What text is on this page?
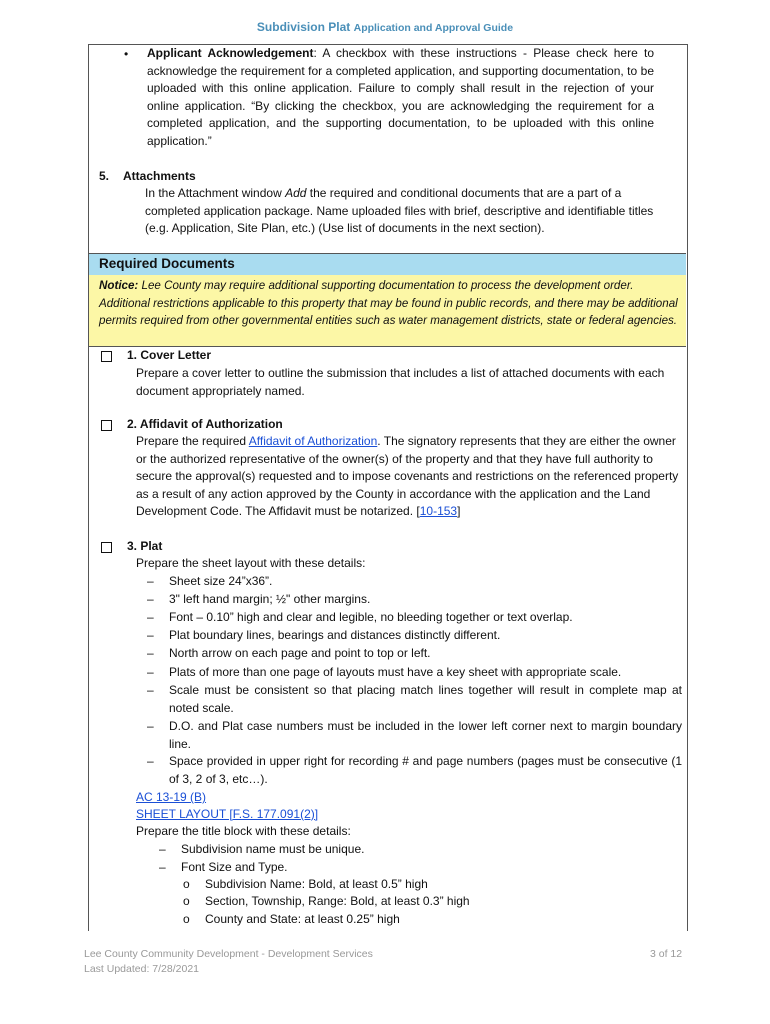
Subdivision Plat Application and Approval Guide
• Applicant Acknowledgement: A checkbox with these instructions - Please check here to acknowledge the requirement for a completed application, and supporting documentation, to be uploaded with this online application. Failure to comply shall result in the rejection of your online application. “By clicking the checkbox, you are acknowledging the requirement for a completed application, and the supporting documentation, to be uploaded with this online application.”
5. Attachments
In the Attachment window Add the required and conditional documents that are a part of a completed application package. Name uploaded files with brief, descriptive and identifiable titles (e.g. Application, Site Plan, etc.) (Use list of documents in the next section).
Required Documents
Notice: Lee County may require additional supporting documentation to process the development order. Additional restrictions applicable to this property that may be found in public records, and there may be additional permits required from other governmental entities such as water management districts, state or federal agencies.
1. Cover Letter
Prepare a cover letter to outline the submission that includes a list of attached documents with each document appropriately named.
2. Affidavit of Authorization
Prepare the required Affidavit of Authorization. The signatory represents that they are either the owner or the authorized representative of the owner(s) of the property and that they have full authority to secure the approval(s) requested and to impose covenants and restrictions on the referenced property as a result of any action approved by the County in accordance with the application and the Land Development Code. The Affidavit must be notarized. [10-153]
3. Plat
Prepare the sheet layout with these details:
– Sheet size 24”x36”.
– 3" left hand margin; ½" other margins.
– Font – 0.10” high and clear and legible, no bleeding together or text overlap.
– Plat boundary lines, bearings and distances distinctly different.
– North arrow on each page and point to top or left.
– Plats of more than one page of layouts must have a key sheet with appropriate scale.
– Scale must be consistent so that placing match lines together will result in complete map at noted scale.
– D.O. and Plat case numbers must be included in the lower left corner next to margin boundary line.
– Space provided in upper right for recording # and page numbers (pages must be consecutive (1 of 3, 2 of 3, etc…).
AC 13-19 (B)
SHEET LAYOUT [F.S. 177.091(2)]
Prepare the title block with these details:
– Subdivision name must be unique.
– Font Size and Type.
o Subdivision Name: Bold, at least 0.5” high
o Section, Township, Range: Bold, at least 0.3” high
o County and State: at least 0.25” high
Lee County Community Development - Development Services
Last Updated: 7/28/2021
3 of 12
